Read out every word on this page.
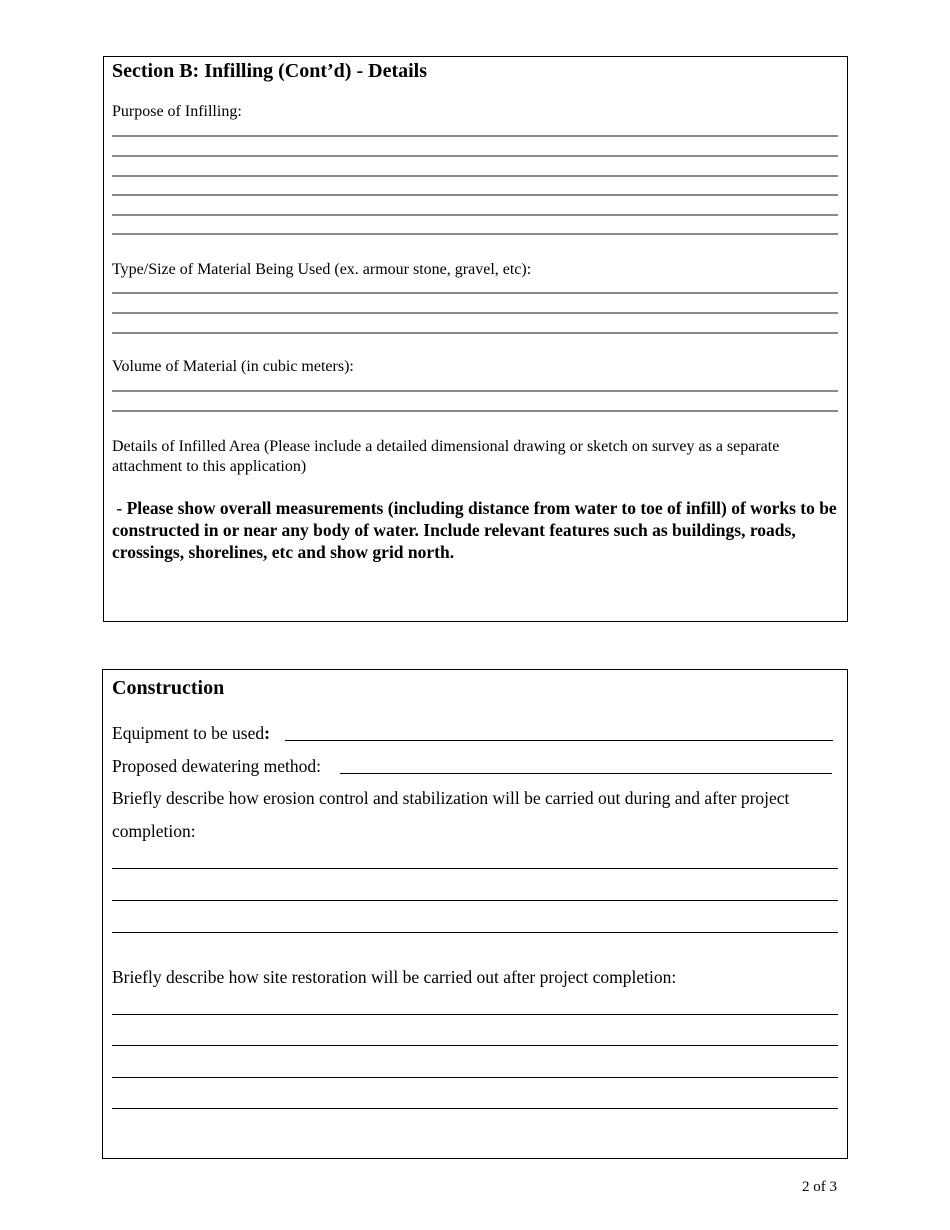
Section B: Infilling (Cont’d) - Details
Purpose of Infilling:
Type/Size of Material Being Used (ex. armour stone, gravel, etc):
Volume of Material (in cubic meters):
Details of Infilled Area (Please include a detailed dimensional drawing or sketch on survey as a separate attachment to this application)
- Please show overall measurements (including distance from water to toe of infill) of works to be constructed in or near any body of water. Include relevant features such as buildings, roads, crossings, shorelines, etc and show grid north.
Construction
Equipment to be used:
Proposed dewatering method:
Briefly describe how erosion control and stabilization will be carried out during and after project
completion:
Briefly describe how site restoration will be carried out after project completion:
2 of 3
